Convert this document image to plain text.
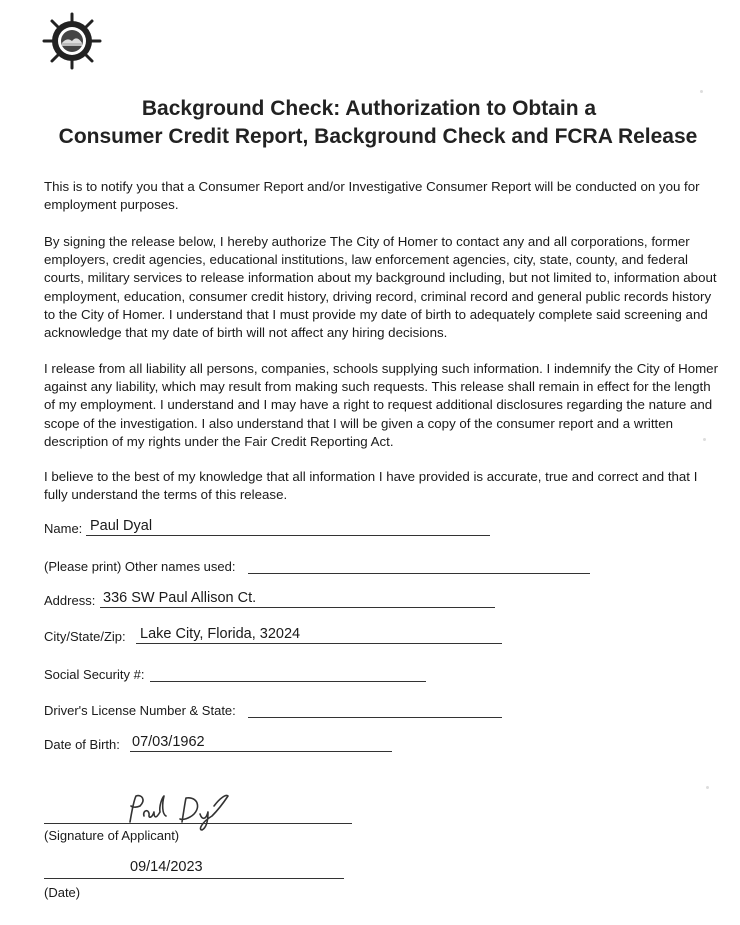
Background Check: Authorization to Obtain a
Consumer Credit Report, Background Check and FCRA Release

This is to notify you that a Consumer Report and/or Investigative Consumer Report will be conducted on you for employment purposes.

By signing the release below, I hereby authorize The City of Homer to contact any and all corporations, former employers, credit agencies, educational institutions, law enforcement agencies, city, state, county, and federal courts, military services to release information about my background including, but not limited to, information about employment, education, consumer credit history, driving record, criminal record and general public records history to the City of Homer. I understand that I must provide my date of birth to adequately complete said screening and acknowledge that my date of birth will not affect any hiring decisions.

I release from all liability all persons, companies, schools supplying such information. I indemnify the City of Homer against any liability, which may result from making such requests. This release shall remain in effect for the length of my employment. I understand and I may have a right to request additional disclosures regarding the nature and scope of the investigation. I also understand that I will be given a copy of the consumer report and a written description of my rights under the Fair Credit Reporting Act.

I believe to the best of my knowledge that all information I have provided is accurate, true and correct and that I fully understand the terms of this release.

Name: Paul Dyal
(Please print) Other names used:
Address: 336 SW Paul Allison Ct.
City/State/Zip: Lake City, Florida, 32024
Social Security #:
Driver's License Number & State:
Date of Birth: 07/03/1962
(Signature of Applicant)
09/14/2023
(Date)
